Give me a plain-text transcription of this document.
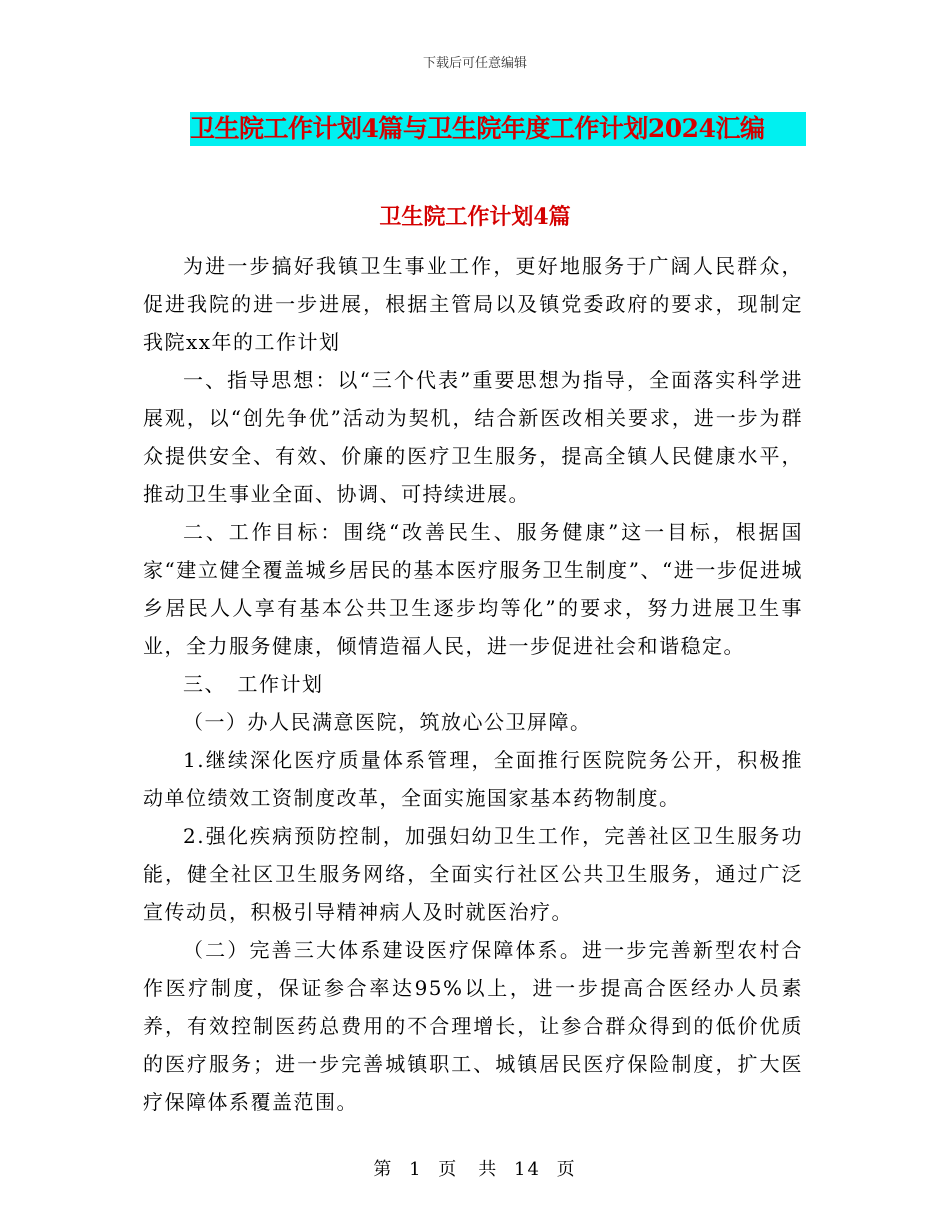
下载后可任意编辑
卫生院工作计划4篇与卫生院年度工作计划2024汇编
卫生院工作计划4篇

为进一步搞好我镇卫生事业工作，更好地服务于广阔人民群众，促进我院的进一步进展，根据主管局以及镇党委政府的要求，现制定我院xx年的工作计划

一、指导思想：以“三个代表”重要思想为指导，全面落实科学进展观，以“创先争优”活动为契机，结合新医改相关要求，进一步为群众提供安全、有效、价廉的医疗卫生服务，提高全镇人民健康水平，推动卫生事业全面、协调、可持续进展。

二、工作目标：围绕“改善民生、服务健康”这一目标，根据国家“建立健全覆盖城乡居民的基本医疗服务卫生制度”、“进一步促进城乡居民人人享有基本公共卫生逐步均等化”的要求，努力进展卫生事业，全力服务健康，倾情造福人民，进一步促进社会和谐稳定。

三、　工作计划

（一）办人民满意医院，筑放心公卫屏障。

1.继续深化医疗质量体系管理，全面推行医院院务公开，积极推动单位绩效工资制度改革，全面实施国家基本药物制度。

2.强化疾病预防控制，加强妇幼卫生工作，完善社区卫生服务功能，健全社区卫生服务网络，全面实行社区公共卫生服务，通过广泛宣传动员，积极引导精神病人及时就医治疗。

（二）完善三大体系建设医疗保障体系。进一步完善新型农村合作医疗制度，保证参合率达95%以上，进一步提高合医经办人员素养，有效控制医药总费用的不合理增长，让参合群众得到的低价优质的医疗服务；进一步完善城镇职工、城镇居民医疗保险制度，扩大医疗保障体系覆盖范围。

第 1 页　共 14 页
